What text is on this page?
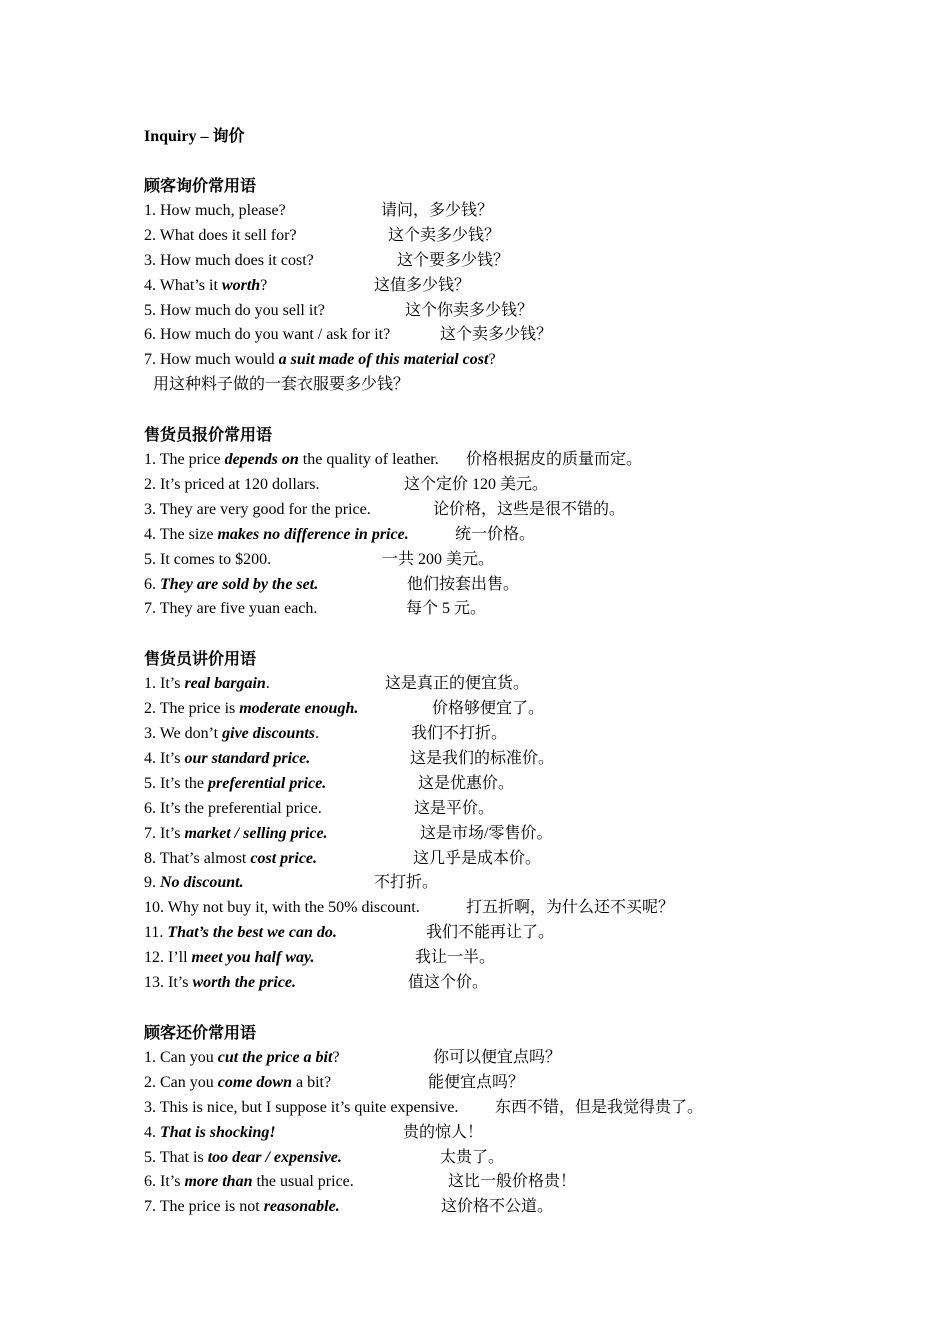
Inquiry – 询价
顾客询价常用语
1. How much, please?	请问，多少钱？
2. What does it sell for?	这个卖多少钱？
3. How much does it cost?	这个要多少钱？
4. What’s it worth?	这值多少钱？
5. How much do you sell it?	这个你卖多少钱？
6. How much do you want / ask for it?	这个卖多少钱？
7. How much would a suit made of this material cost?
用这种料子做的一套衣服要多少钱？
售货员报价常用语
1. The price depends on the quality of leather. 价格根据皮的质量而定。
2. It’s priced at 120 dollars.	这个定价 120 美元。
3. They are very good for the price.	论价格，这些是很不错的。
4. The size makes no difference in price.	统一价格。
5. It comes to $200.	一共 200 美元。
6. They are sold by the set.	他们按套出售。
7. They are five yuan each.	每个 5 元。
售货员讲价用语
1. It’s real bargain.	这是真正的便宜货。
2. The price is moderate enough.	价格够便宜了。
3. We don’t give discounts.	我们不打折。
4. It’s our standard price.	这是我们的标准价。
5. It’s the preferential price.	这是优惠价。
6. It’s the preferential price.	这是平价。
7. It’s market / selling price.	这是市场/零售价。
8. That’s almost cost price.	这几乎是成本价。
9. No discount.	不打折。
10. Why not buy it, with the 50% discount.	打五折啊，为什么还不买呢？
11. That’s the best we can do.	我们不能再让了。
12. I’ll meet you half way.	我让一半。
13. It’s worth the price.	值这个价。
顾客还价常用语
1. Can you cut the price a bit?	你可以便宜点吗？
2. Can you come down a bit?	能便宜点吗？
3. This is nice, but I suppose it’s quite expensive. 东西不错，但是我觉得贵了。
4. That is shocking!	贵的惊人！
5. That is too dear / expensive.	太贵了。
6. It’s more than the usual price.	这比一般价格贵！
7. The price is not reasonable.	这价格不公道。
